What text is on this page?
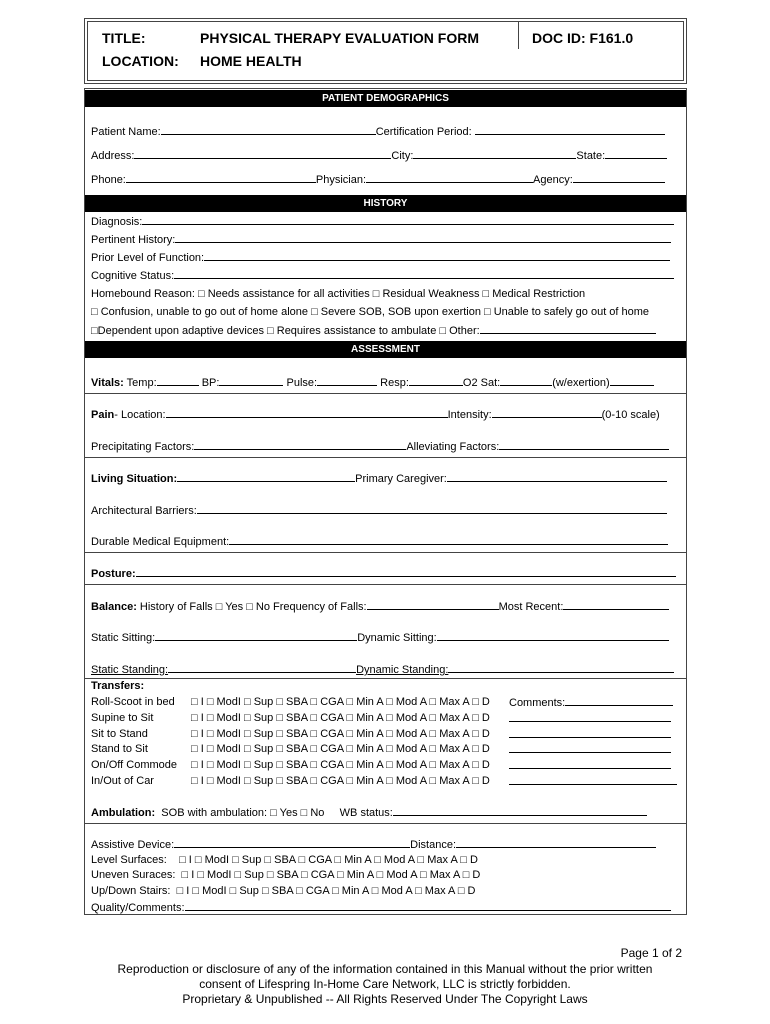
TITLE:	PHYSICAL THERAPY EVALUATION FORM	DOC ID: F161.0
LOCATION: HOME HEALTH
PATIENT DEMOGRAPHICS
Patient Name:	Certification Period:
Address:	City:	State:
Phone:	Physician:	Agency:
HISTORY
Diagnosis:
Pertinent History:
Prior Level of Function:
Cognitive Status:
Homebound Reason: □ Needs assistance for all activities □ Residual Weakness □ Medical Restriction
□ Confusion, unable to go out of home alone □ Severe SOB, SOB upon exertion □ Unable to safely go out of home
□Dependent upon adaptive devices □ Requires assistance to ambulate □ Other:
ASSESSMENT
Vitals: Temp:	BP:	Pulse:	Resp:	O2 Sat:	(w/exertion)
Pain- Location:	Intensity:	(0-10 scale)
Precipitating Factors:	Alleviating Factors:
Living Situation:	Primary Caregiver:
Architectural Barriers:
Durable Medical Equipment:
Posture:
Balance: History of Falls □ Yes □ No Frequency of Falls:	Most Recent:
Static Sitting:	Dynamic Sitting:
Static Standing:	Dynamic Standing:
Transfers:
Roll-Scoot in bed □ I □ ModI □ Sup □ SBA □ CGA □ Min A □ Mod A □ Max A □ D Comments:
Supine to Sit	□ I □ ModI □ Sup □ SBA □ CGA □ Min A □ Mod A □ Max A □ D
Sit to Stand	□ I □ ModI □ Sup □ SBA □ CGA □ Min A □ Mod A □ Max A □ D
Stand to Sit	□ I □ ModI □ Sup □ SBA □ CGA □ Min A □ Mod A □ Max A □ D
On/Off Commode □ I □ ModI □ Sup □ SBA □ CGA □ Min A □ Mod A □ Max A □ D
In/Out of Car	□ I □ ModI □ Sup □ SBA □ CGA □ Min A □ Mod A □ Max A □ D
Ambulation: SOB with ambulation: □ Yes □ No WB status:
Assistive Device:	Distance:
Level Surfaces: □ I □ ModI □ Sup □ SBA □ CGA □ Min A □ Mod A □ Max A □ D
Uneven Suraces: □ I □ ModI □ Sup □ SBA □ CGA □ Min A □ Mod A □ Max A □ D
Up/Down Stairs: □ I □ ModI □ Sup □ SBA □ CGA □ Min A □ Mod A □ Max A □ D
Quality/Comments:
Page 1 of 2
Reproduction or disclosure of any of the information contained in this Manual without the prior written
consent of Lifespring In-Home Care Network, LLC is strictly forbidden.
Proprietary & Unpublished -- All Rights Reserved Under The Copyright Laws
